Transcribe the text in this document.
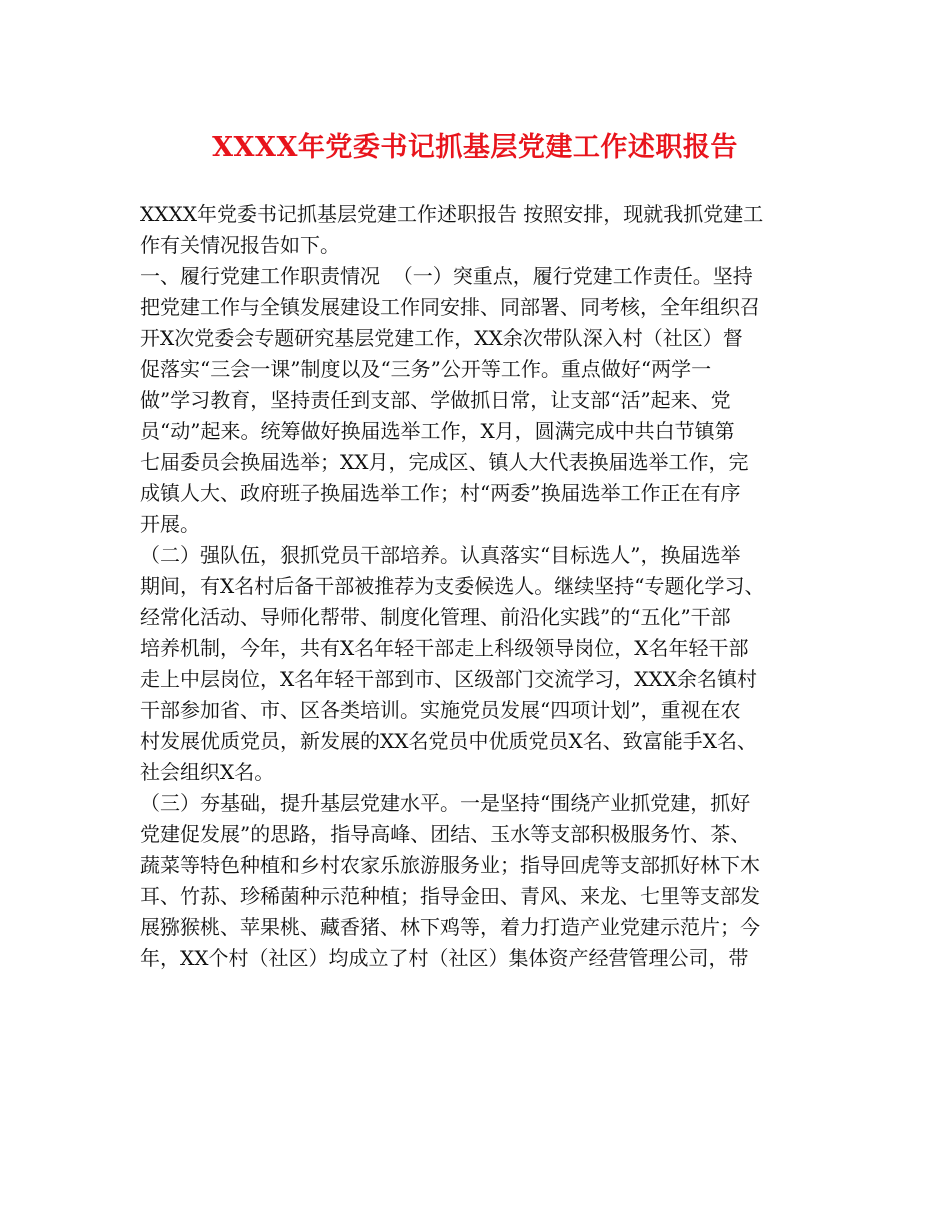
XXXX年党委书记抓基层党建工作述职报告
XXXX年党委书记抓基层党建工作述职报告 按照安排，现就我抓党建工
作有关情况报告如下。
一、履行党建工作职责情况  （一）突重点，履行党建工作责任。坚持
把党建工作与全镇发展建设工作同安排、同部署、同考核，全年组织召
开X次党委会专题研究基层党建工作，XX余次带队深入村（社区）督
促落实“三会一课”制度以及“三务”公开等工作。重点做好“两学一
做”学习教育，坚持责任到支部、学做抓日常，让支部“活”起来、党
员“动”起来。统筹做好换届选举工作，X月，圆满完成中共白节镇第
七届委员会换届选举；XX月，完成区、镇人大代表换届选举工作，完
成镇人大、政府班子换届选举工作；村“两委”换届选举工作正在有序
开展。
（二）强队伍，狠抓党员干部培养。认真落实“目标选人”，换届选举
期间，有X名村后备干部被推荐为支委候选人。继续坚持“专题化学习、
经常化活动、导师化帮带、制度化管理、前沿化实践”的“五化”干部
培养机制，今年，共有X名年轻干部走上科级领导岗位，X名年轻干部
走上中层岗位，X名年轻干部到市、区级部门交流学习，XXX余名镇村
干部参加省、市、区各类培训。实施党员发展“四项计划”，重视在农
村发展优质党员，新发展的XX名党员中优质党员X名、致富能手X名、
社会组织X名。
（三）夯基础，提升基层党建水平。一是坚持“围绕产业抓党建，抓好
党建促发展”的思路，指导高峰、团结、玉水等支部积极服务竹、茶、
蔬菜等特色种植和乡村农家乐旅游服务业；指导回虎等支部抓好林下木
耳、竹荪、珍稀菌种示范种植；指导金田、青风、来龙、七里等支部发
展猕猴桃、苹果桃、藏香猪、林下鸡等，着力打造产业党建示范片；今
年，XX个村（社区）均成立了村（社区）集体资产经营管理公司，带
